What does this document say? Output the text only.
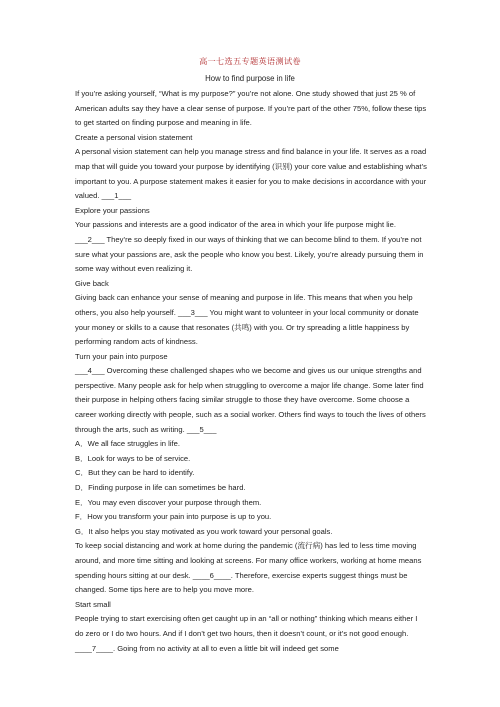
高一七选五专题英语测试卷
How to find purpose in life

If you’re asking yourself, “What is my purpose?” you’re not alone. One study showed that just 25 % of American adults say they have a clear sense of purpose. If you’re part of the other 75%, follow these tips to get started on finding purpose and meaning in life.

Create a personal vision statement

A personal vision statement can help you manage stress and find balance in your life. It serves as a road map that will guide you toward your purpose by identifying (识别) your core value and establishing what’s important to you. A purpose statement makes it easier for you to make decisions in accordance with your valued. ___1___

Explore your passions

Your passions and interests are a good indicator of the area in which your life purpose might lie. ___2___ They’re so deeply fixed in our ways of thinking that we can become blind to them. If you’re not sure what your passions are, ask the people who know you best. Likely, you’re already pursuing them in some way without even realizing it.

Give back

Giving back can enhance your sense of meaning and purpose in life. This means that when you help others, you also help yourself. ___3___ You might want to volunteer in your local community or donate your money or skills to a cause that resonates (共鸣) with you. Or try spreading a little happiness by performing random acts of kindness.

Turn your pain into purpose

___4___ Overcoming these challenged shapes who we become and gives us our unique strengths and perspective. Many people ask for help when struggling to overcome a major life change. Some later find their purpose in helping others facing similar struggle to those they have overcome. Some choose a career working directly with people, such as a social worker. Others find ways to touch the lives of others through the arts, such as writing. ___5___

A．We all face struggles in life.

B．Look for ways to be of service.

C．But they can be hard to identify.

D．Finding purpose in life can sometimes be hard.

E．You may even discover your purpose through them.

F．How you transform your pain into purpose is up to you.

G．It also helps you stay motivated as you work toward your personal goals.

To keep social distancing and work at home during the pandemic (流行病) has led to less time moving around, and more time sitting and looking at screens. For many office workers, working at home means spending hours sitting at our desk. ____6____. Therefore, exercise experts suggest things must be changed. Some tips here are to help you move more.

Start small

People trying to start exercising often get caught up in an “all or nothing” thinking which means either I do zero or I do two hours. And if I don’t get two hours, then it doesn’t count, or it’s not good enough. ____7____. Going from no activity at all to even a little bit will indeed get some
